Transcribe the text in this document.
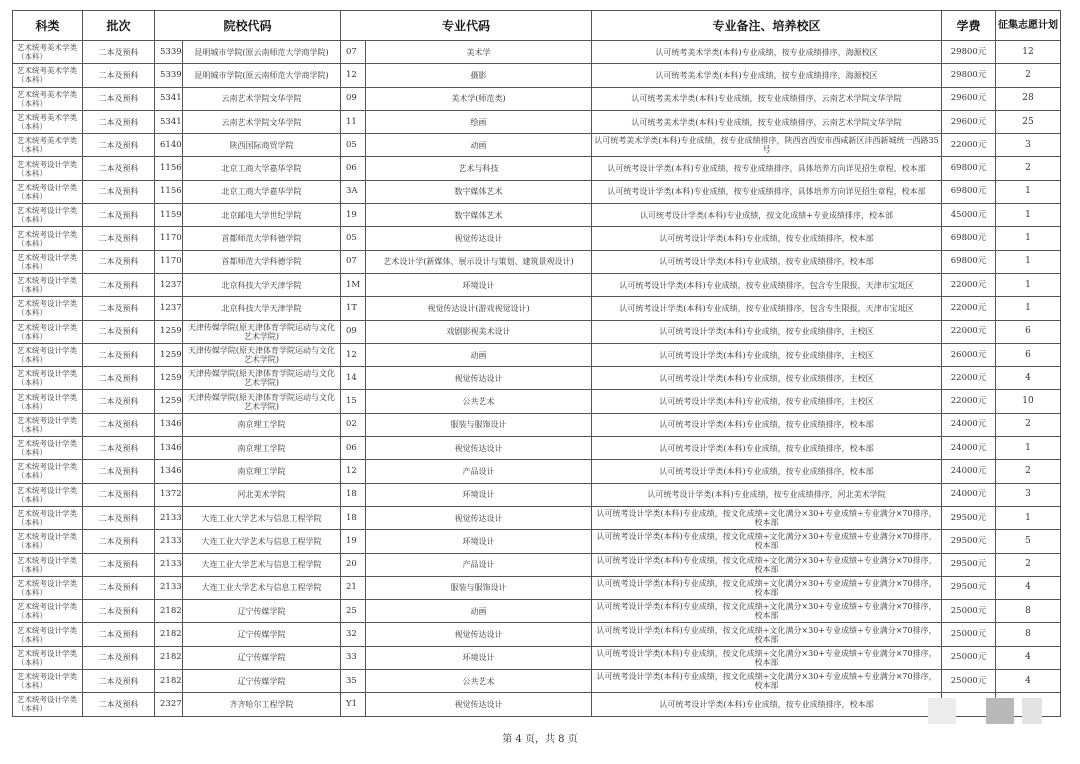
科类	批次	院校代码		专业代码		专业备注、培养校区	学费	征集志愿计划
艺术统考美术学类（本科）	二本及预科	5339	昆明城市学院(原云南师范大学商学院)	07	美术学	认可统考美术学类(本科)专业成绩，按专业成绩排序，海源校区	29800元	12
艺术统考美术学类（本科）	二本及预科	5339	昆明城市学院(原云南师范大学商学院)	12	摄影	认可统考美术学类(本科)专业成绩，按专业成绩排序，海源校区	29800元	2
艺术统考美术学类（本科）	二本及预科	5341	云南艺术学院文华学院	09	美术学(师范类)	认可统考美术学类(本科)专业成绩，按专业成绩排序，云南艺术学院文华学院	29600元	28
艺术统考美术学类（本科）	二本及预科	5341	云南艺术学院文华学院	11	绘画	认可统考美术学类(本科)专业成绩，按专业成绩排序，云南艺术学院文华学院	29600元	25
艺术统考美术学类（本科）	二本及预科	6140	陕西国际商贸学院	05	动画	认可统考美术学类(本科)专业成绩，按专业成绩排序，陕西省西安市西咸新区沣西新城统一西路35号	22000元	3
艺术统考设计学类（本科）	二本及预科	1156	北京工商大学嘉华学院	06	艺术与科技	认可统考设计学类(本科)专业成绩，按专业成绩排序，具体培养方向详见招生章程，校本部	69800元	2
艺术统考设计学类（本科）	二本及预科	1156	北京工商大学嘉华学院	3A	数字媒体艺术	认可统考设计学类(本科)专业成绩，按专业成绩排序，具体培养方向详见招生章程，校本部	69800元	1
艺术统考设计学类（本科）	二本及预科	1159	北京邮电大学世纪学院	19	数字媒体艺术	认可统考设计学类(本科)专业成绩，按文化成绩+专业成绩排序，校本部	45000元	1
艺术统考设计学类（本科）	二本及预科	1170	首都师范大学科德学院	05	视觉传达设计	认可统考设计学类(本科)专业成绩，按专业成绩排序，校本部	69800元	1
艺术统考设计学类（本科）	二本及预科	1170	首都师范大学科德学院	07	艺术设计学(新媒体、展示设计与策划、建筑景观设计)	认可统考设计学类(本科)专业成绩，按专业成绩排序，校本部	69800元	1
艺术统考设计学类（本科）	二本及预科	1237	北京科技大学天津学院	1M	环境设计	认可统考设计学类(本科)专业成绩，按专业成绩排序，包含专生限报，天津市宝坻区	22000元	1
艺术统考设计学类（本科）	二本及预科	1237	北京科技大学天津学院	1T	视觉传达设计(游戏视觉设计)	认可统考设计学类(本科)专业成绩，按专业成绩排序，包含专生限报，天津市宝坻区	22000元	1
艺术统考设计学类（本科）	二本及预科	1259	天津传媒学院(原天津体育学院运动与文化艺术学院)	09	戏剧影视美术设计	认可统考设计学类(本科)专业成绩，按专业成绩排序，主校区	22000元	6
艺术统考设计学类（本科）	二本及预科	1259	天津传媒学院(原天津体育学院运动与文化艺术学院)	12	动画	认可统考设计学类(本科)专业成绩，按专业成绩排序，主校区	26000元	6
艺术统考设计学类（本科）	二本及预科	1259	天津传媒学院(原天津体育学院运动与文化艺术学院)	14	视觉传达设计	认可统考设计学类(本科)专业成绩，按专业成绩排序，主校区	22000元	4
艺术统考设计学类（本科）	二本及预科	1259	天津传媒学院(原天津体育学院运动与文化艺术学院)	15	公共艺术	认可统考设计学类(本科)专业成绩，按专业成绩排序，主校区	22000元	10
艺术统考设计学类（本科）	二本及预科	1346	南京理工学院	02	服装与服饰设计	认可统考设计学类(本科)专业成绩，按专业成绩排序，校本部	24000元	2
艺术统考设计学类（本科）	二本及预科	1346	南京理工学院	06	视觉传达设计	认可统考设计学类(本科)专业成绩，按专业成绩排序，校本部	24000元	1
艺术统考设计学类（本科）	二本及预科	1346	南京理工学院	12	产品设计	认可统考设计学类(本科)专业成绩，按专业成绩排序，校本部	24000元	2
艺术统考设计学类（本科）	二本及预科	1372	河北美术学院	18	环境设计	认可统考设计学类(本科)专业成绩，按专业成绩排序，河北美术学院	24000元	3
艺术统考设计学类（本科）	二本及预科	2133	大连工业大学艺术与信息工程学院	18	视觉传达设计	认可统考设计学类(本科)专业成绩，按文化成绩÷文化满分×30+专业成绩÷专业满分×70排序，校本部	29500元	1
艺术统考设计学类（本科）	二本及预科	2133	大连工业大学艺术与信息工程学院	19	环境设计	认可统考设计学类(本科)专业成绩，按文化成绩÷文化满分×30+专业成绩÷专业满分×70排序，校本部	29500元	5
艺术统考设计学类（本科）	二本及预科	2133	大连工业大学艺术与信息工程学院	20	产品设计	认可统考设计学类(本科)专业成绩，按文化成绩÷文化满分×30+专业成绩÷专业满分×70排序，校本部	29500元	2
艺术统考设计学类（本科）	二本及预科	2133	大连工业大学艺术与信息工程学院	21	服装与服饰设计	认可统考设计学类(本科)专业成绩，按文化成绩÷文化满分×30+专业成绩÷专业满分×70排序，校本部	29500元	4
艺术统考设计学类（本科）	二本及预科	2182	辽宁传媒学院	25	动画	认可统考设计学类(本科)专业成绩，按文化成绩÷文化满分×30+专业成绩÷专业满分×70排序，校本部	25000元	8
艺术统考设计学类（本科）	二本及预科	2182	辽宁传媒学院	32	视觉传达设计	认可统考设计学类(本科)专业成绩，按文化成绩÷文化满分×30+专业成绩÷专业满分×70排序，校本部	25000元	8
艺术统考设计学类（本科）	二本及预科	2182	辽宁传媒学院	33	环境设计	认可统考设计学类(本科)专业成绩，按文化成绩÷文化满分×30+专业成绩÷专业满分×70排序，校本部	25000元	4
艺术统考设计学类（本科）	二本及预科	2182	辽宁传媒学院	35	公共艺术	认可统考设计学类(本科)专业成绩，按文化成绩÷文化满分×30+专业成绩÷专业满分×70排序，校本部	25000元	4
艺术统考设计学类（本科）	二本及预科	2327	齐齐哈尔工程学院	Y1	视觉传达设计	认可统考设计学类(本科)专业成绩，按专业成绩排序，校本部		
第 4 页，共 8 页
